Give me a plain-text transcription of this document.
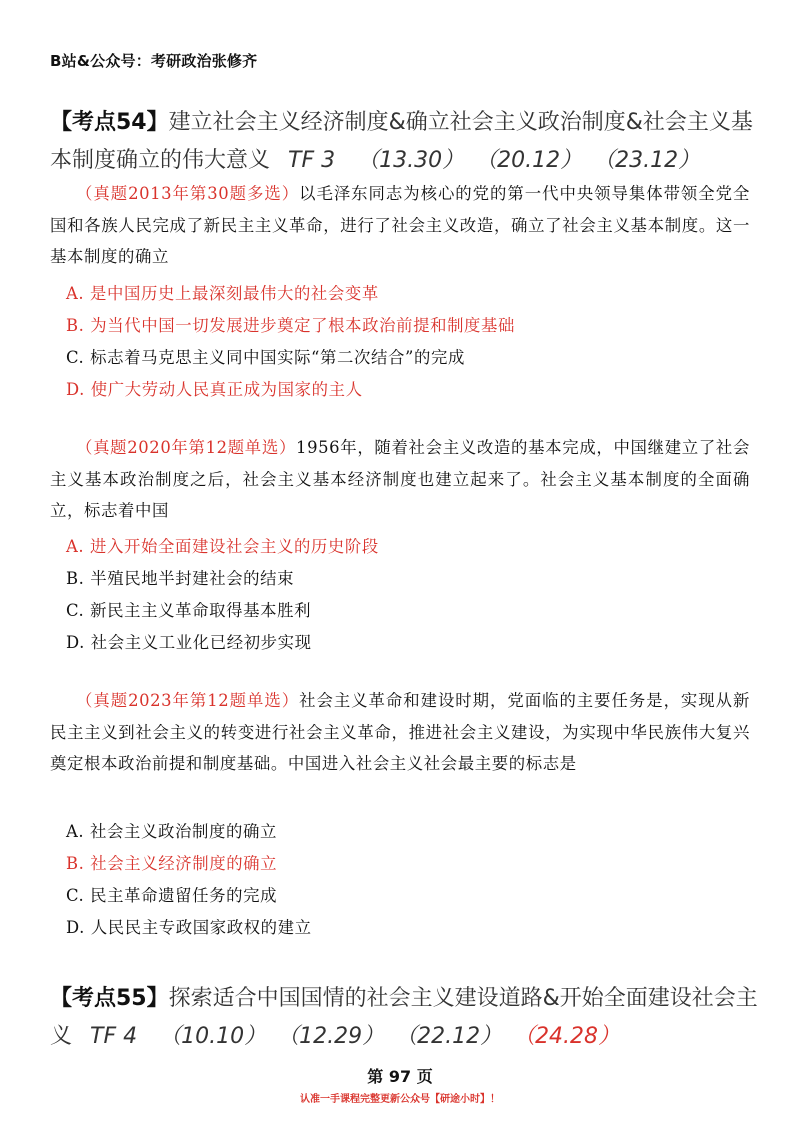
B站&公众号：考研政治张修齐
【考点54】建立社会主义经济制度&确立社会主义政治制度&社会主义基本制度确立的伟大意义 TF 3 （13.30） （20.12） （23.12）

（真题2013年第30题多选）以毛泽东同志为核心的党的第一代中央领导集体带领全党全国和各族人民完成了新民主主义革命，进行了社会主义改造，确立了社会主义基本制度。这一基本制度的确立

A. 是中国历史上最深刻最伟大的社会变革
B. 为当代中国一切发展进步奠定了根本政治前提和制度基础
C. 标志着马克思主义同中国实际“第二次结合”的完成
D. 使广大劳动人民真正成为国家的主人

（真题2020年第12题单选）1956年，随着社会主义改造的基本完成，中国继建立了社会主义基本政治制度之后，社会主义基本经济制度也建立起来了。社会主义基本制度的全面确立，标志着中国

A. 进入开始全面建设社会主义的历史阶段
B. 半殖民地半封建社会的结束
C. 新民主主义革命取得基本胜利
D. 社会主义工业化已经初步实现

（真题2023年第12题单选）社会主义革命和建设时期，党面临的主要任务是，实现从新民主主义到社会主义的转变进行社会主义革命，推进社会主义建设，为实现中华民族伟大复兴奠定根本政治前提和制度基础。中国进入社会主义社会最主要的标志是

A. 社会主义政治制度的确立
B. 社会主义经济制度的确立
C. 民主革命遗留任务的完成
D. 人民民主专政国家政权的建立
【考点55】探索适合中国国情的社会主义建设道路&开始全面建设社会主义 TF 4 （10.10） （12.29） （22.12） （24.28）
第 97 页
认准一手课程完整更新公众号【研途小时】！
